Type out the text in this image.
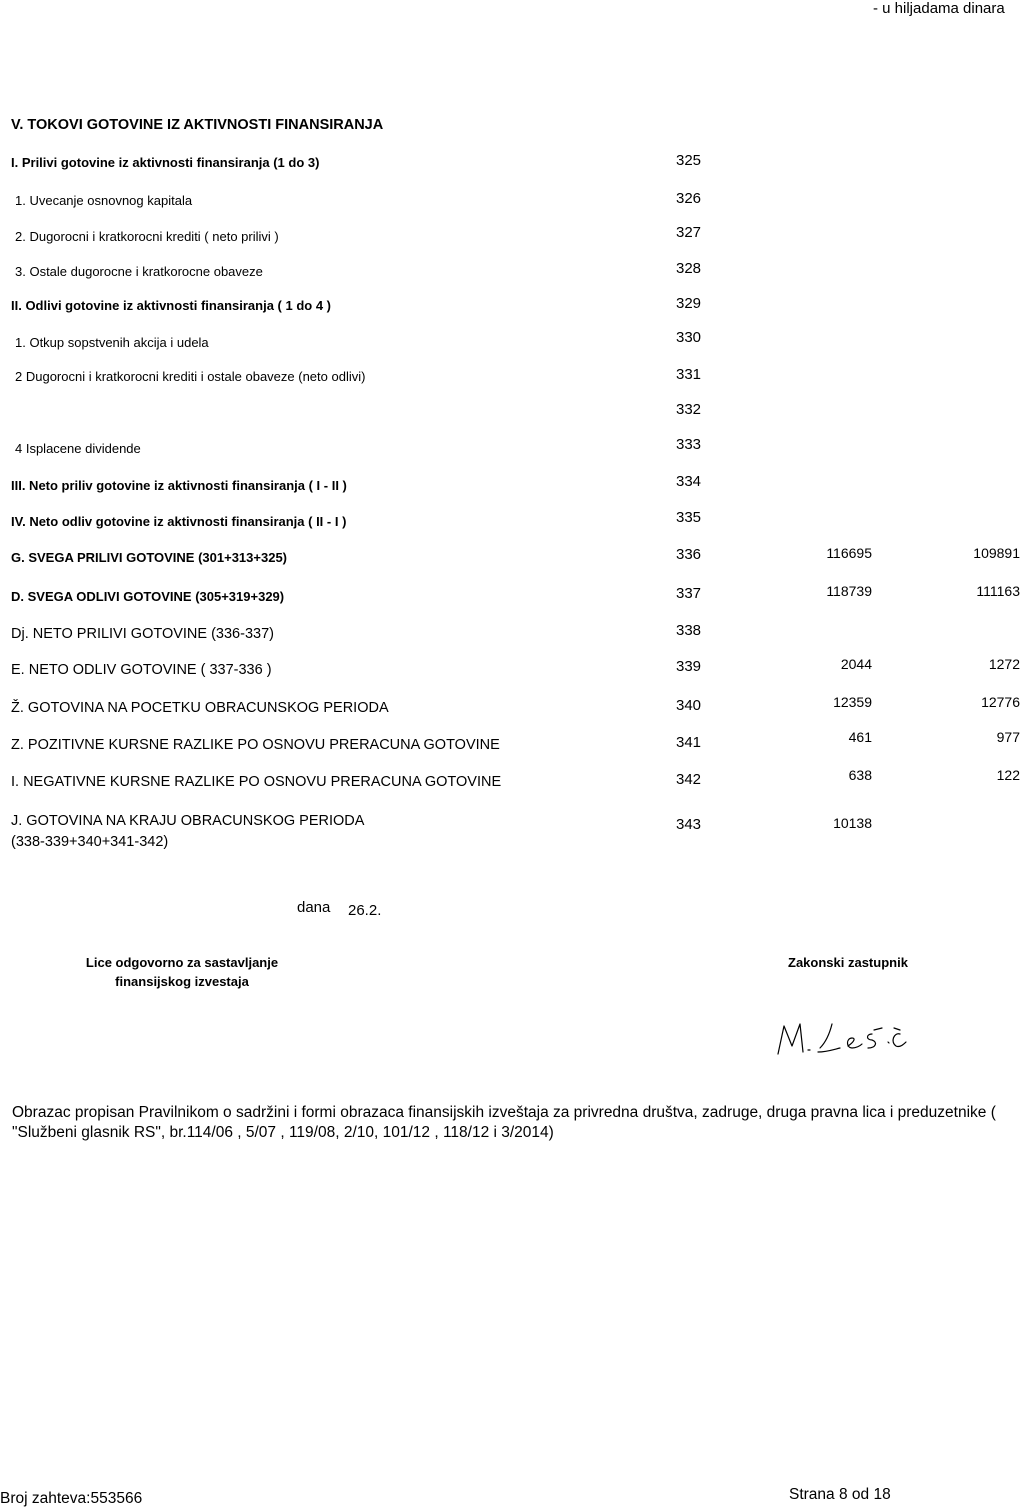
- u hiljadama dinara
V. TOKOVI GOTOVINE IZ AKTIVNOSTI FINANSIRANJA
I. Prilivi gotovine iz aktivnosti finansiranja (1 do 3)	325
1. Uvecanje osnovnog kapitala	326
2. Dugorocni i kratkorocni krediti ( neto prilivi )	327
3. Ostale dugorocne i kratkorocne obaveze	328
II. Odlivi gotovine iz aktivnosti finansiranja ( 1 do 4 )	329
1. Otkup sopstvenih akcija i udela	330
2 Dugorocni i kratkorocni krediti i ostale obaveze (neto odlivi)	331
332
4 Isplacene dividende	333
III. Neto priliv gotovine iz aktivnosti finansiranja ( I - II )	334
IV. Neto odliv gotovine iz aktivnosti finansiranja ( II - I )	335
G. SVEGA PRILIVI GOTOVINE (301+313+325)	336	116695	109891
D. SVEGA ODLIVI GOTOVINE (305+319+329)	337	118739	111163
Dj. NETO PRILIVI GOTOVINE (336-337)	338
E. NETO ODLIV GOTOVINE ( 337-336 )	339	2044	1272
Ž. GOTOVINA NA POCETKU OBRACUNSKOG PERIODA	340	12359	12776
Z. POZITIVNE KURSNE RAZLIKE PO OSNOVU PRERACUNA GOTOVINE	341	461	977
I. NEGATIVNE KURSNE RAZLIKE PO OSNOVU PRERACUNA GOTOVINE	342	638	122
J. GOTOVINA NA KRAJU OBRACUNSKOG PERIODA
(338-339+340+341-342)
343	10138
dana 26.2.
Lice odgovorno za sastavljanje
finansijskog izvestaja
Zakonski zastupnik
Obrazac propisan Pravilnikom o sadržini i formi obrazaca finansijskih izveštaja za privredna društva, zadruge, druga pravna lica i preduzetnike ( "Službeni glasnik RS", br.114/06 , 5/07 , 119/08, 2/10, 101/12 , 118/12 i 3/2014)
Broj zahteva:553566	Strana 8 od 18
